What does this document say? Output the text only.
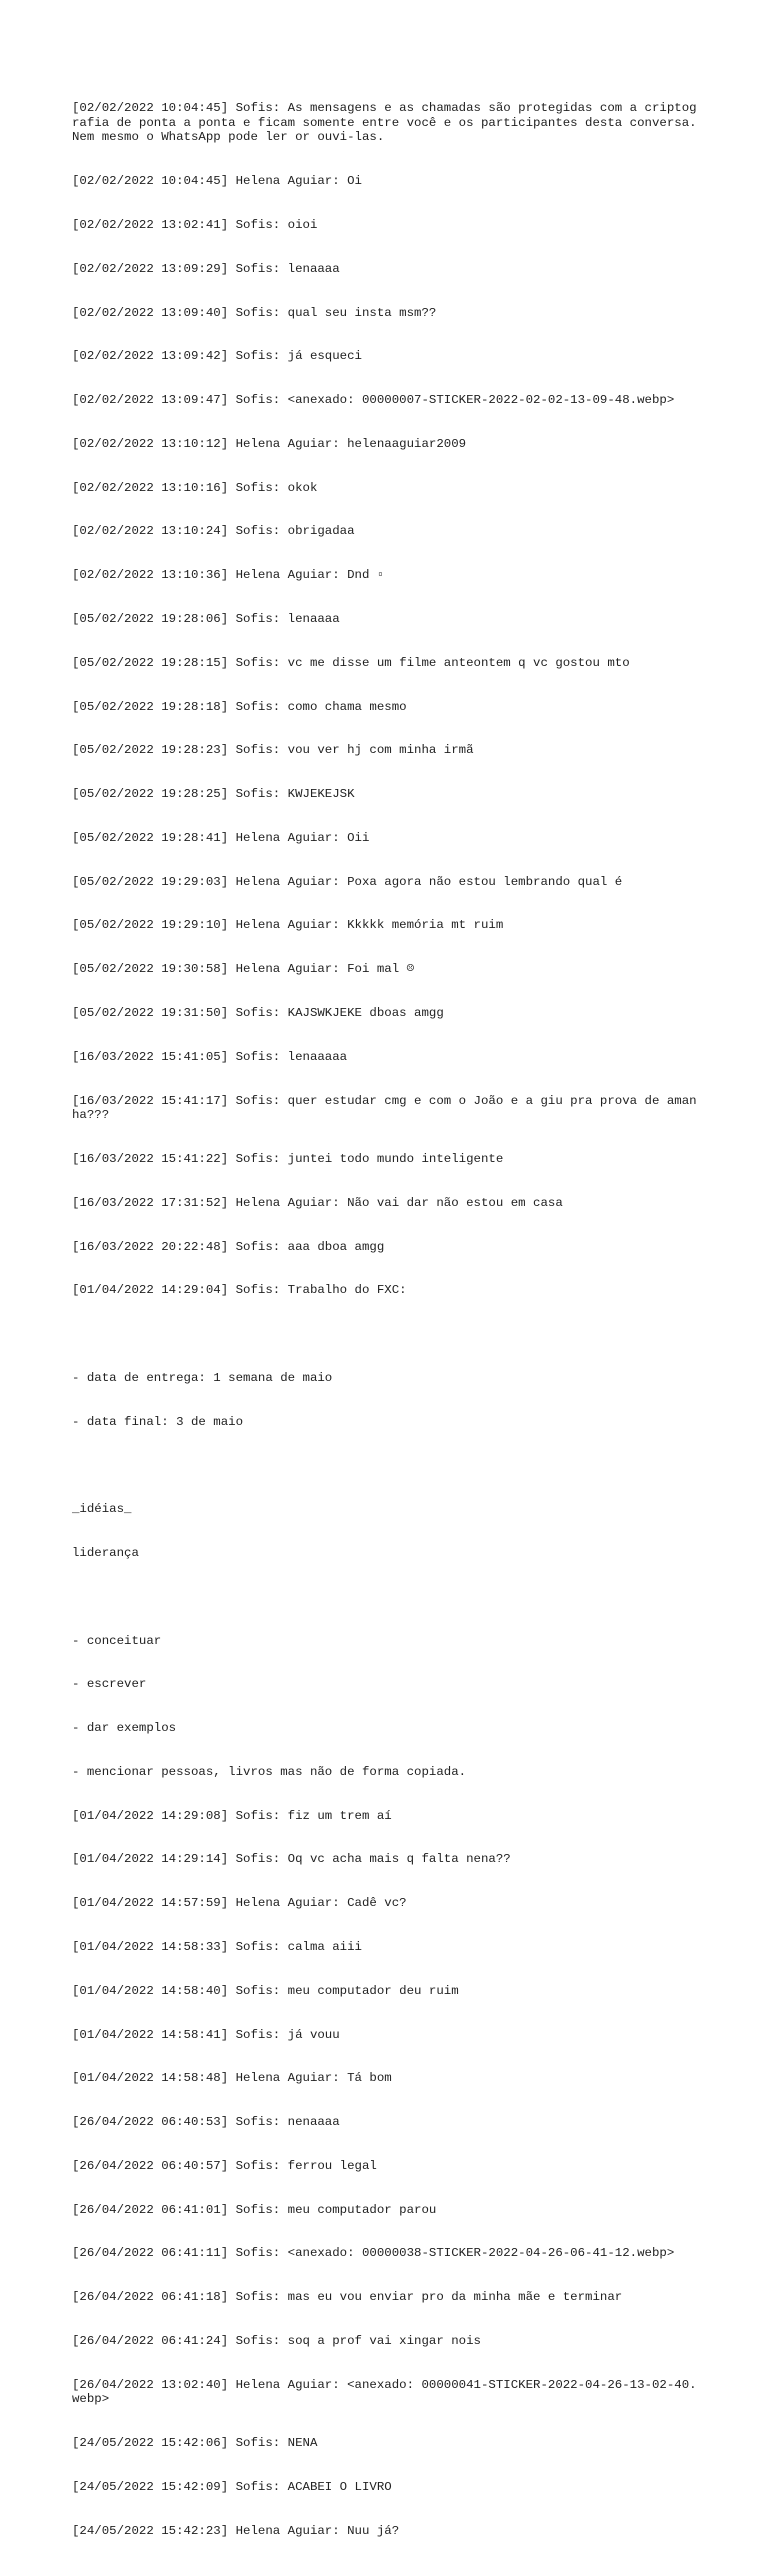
[02/02/2022 10:04:45] Sofis: As mensagens e as chamadas são protegidas com a criptografia de ponta a ponta e ficam somente entre você e os participantes desta conversa. Nem mesmo o WhatsApp pode ler or ouvi-las.

[02/02/2022 10:04:45] Helena Aguiar: Oi

[02/02/2022 13:02:41] Sofis: oioi

[02/02/2022 13:09:29] Sofis: lenaaaa

[02/02/2022 13:09:40] Sofis: qual seu insta msm??

[02/02/2022 13:09:42] Sofis: já esqueci

[02/02/2022 13:09:47] Sofis: <anexado: 00000007-STICKER-2022-02-02-13-09-48.webp>

[02/02/2022 13:10:12] Helena Aguiar: helenaaguiar2009

[02/02/2022 13:10:16] Sofis: okok

[02/02/2022 13:10:24] Sofis: obrigadaa

[02/02/2022 13:10:36] Helena Aguiar: Dnd ▫

[05/02/2022 19:28:06] Sofis: lenaaaa

[05/02/2022 19:28:15] Sofis: vc me disse um filme anteontem q vc gostou mto

[05/02/2022 19:28:18] Sofis: como chama mesmo

[05/02/2022 19:28:23] Sofis: vou ver hj com minha irmã

[05/02/2022 19:28:25] Sofis: KWJEKEJSK

[05/02/2022 19:28:41] Helena Aguiar: Oii

[05/02/2022 19:29:03] Helena Aguiar: Poxa agora não estou lembrando qual é

[05/02/2022 19:29:10] Helena Aguiar: Kkkkk memória mt ruim

[05/02/2022 19:30:58] Helena Aguiar: Foi mal ☹

[05/02/2022 19:31:50] Sofis: KAJSWKJEKE dboas amgg

[16/03/2022 15:41:05] Sofis: lenaaaaa

[16/03/2022 15:41:17] Sofis: quer estudar cmg e com o João e a giu pra prova de amanha???

[16/03/2022 15:41:22] Sofis: juntei todo mundo inteligente

[16/03/2022 17:31:52] Helena Aguiar: Não vai dar não estou em casa

[16/03/2022 20:22:48] Sofis: aaa dboa amgg

[01/04/2022 14:29:04] Sofis: Trabalho do FXC:

- data de entrega: 1 semana de maio

- data final: 3 de maio

_idéias_

liderança

- conceituar

- escrever

- dar exemplos

- mencionar pessoas, livros mas não de forma copiada.

[01/04/2022 14:29:08] Sofis: fiz um trem aí

[01/04/2022 14:29:14] Sofis: Oq vc acha mais q falta nena??

[01/04/2022 14:57:59] Helena Aguiar: Cadê vc?

[01/04/2022 14:58:33] Sofis: calma aiii

[01/04/2022 14:58:40] Sofis: meu computador deu ruim

[01/04/2022 14:58:41] Sofis: já vouu

[01/04/2022 14:58:48] Helena Aguiar: Tá bom

[26/04/2022 06:40:53] Sofis: nenaaaa

[26/04/2022 06:40:57] Sofis: ferrou legal

[26/04/2022 06:41:01] Sofis: meu computador parou

[26/04/2022 06:41:11] Sofis: <anexado: 00000038-STICKER-2022-04-26-06-41-12.webp>

[26/04/2022 06:41:18] Sofis: mas eu vou enviar pro da minha mãe e terminar

[26/04/2022 06:41:24] Sofis: soq a prof vai xingar nois

[26/04/2022 13:02:40] Helena Aguiar: <anexado: 00000041-STICKER-2022-04-26-13-02-40.webp>

[24/05/2022 15:42:06] Sofis: NENA

[24/05/2022 15:42:09] Sofis: ACABEI O LIVRO

[24/05/2022 15:42:23] Helena Aguiar: Nuu já?
